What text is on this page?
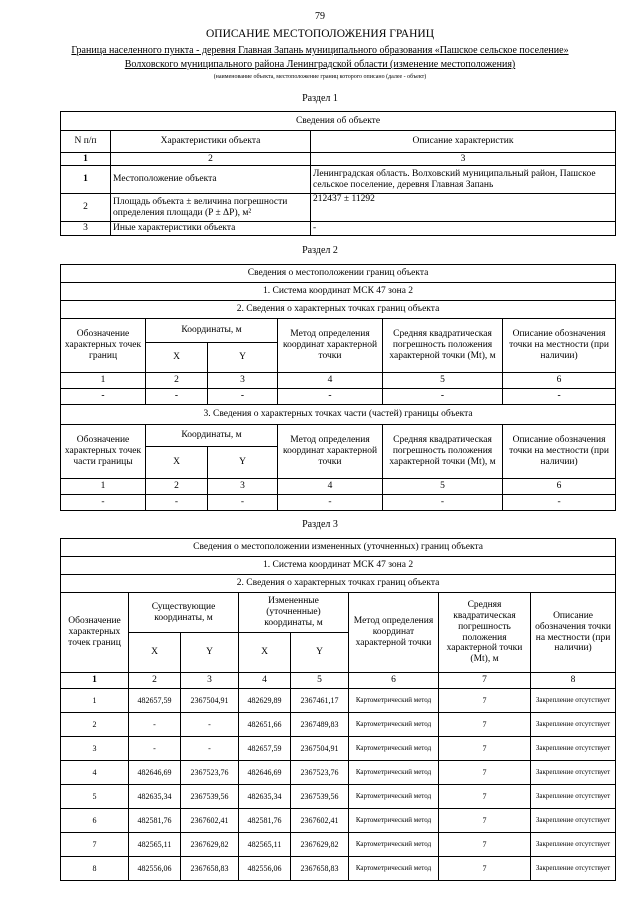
79
ОПИСАНИЕ МЕСТОПОЛОЖЕНИЯ ГРАНИЦ
Граница населенного пункта - деревня Главная Запань муниципального образования «Пашское сельское поселение»
Волховского муниципального района Ленинградской области (изменение местоположения)
(наименование объекта, местоположение границ которого описано (далее - объект)
Раздел 1
Сведения об объекте		
N п/п	Характеристики объекта	Описание характеристик
1	2	3
1	Местоположение объекта	Ленинградская область. Волховский муниципальный район, Пашское сельское поселение, деревня Главная Запань
2	Площадь объекта ± величина погрешности определения площади (P ± ΔP), м²	212437 ± 11292
3	Иные характеристики объекта	-
Раздел 2
Сведения о местоположении границ объекта					
1. Система координат МСК 47 зона 2					
2. Сведения о характерных точках границ объекта					
Обозначение характерных точек границ	Координаты, м		Метод определения координат характерной точки	Средняя квадратическая погрешность положения характерной точки (Mt), м	Описание обозначения точки на местности (при наличии)
	X	Y			
1	2	3	4	5	6
-	-	-	-	-	-
3. Сведения о характерных точках части (частей) границы объекта					
Обозначение характерных точек части границы	Координаты, м		Метод определения координат характерной точки	Средняя квадратическая погрешность положения характерной точки (Mt), м	Описание обозначения точки на местности (при наличии)
	X	Y			
1	2	3	4	5	6
-	-	-	-	-	-
Раздел 3
Сведения о местоположении измененных (уточненных) границ объекта							
1. Система координат МСК 47 зона 2							
2. Сведения о характерных точках границ объекта							
Обозначение характерных точек границ	Существующие координаты, м		Измененные (уточненные) координаты, м		Метод определения координат характерной точки	Средняя квадратическая погрешность положения характерной точки (Mt), м	Описание обозначения точки на местности (при наличии)
	X	Y	X	Y			
1	2	3	4	5	6	7	8
1	482657,59	2367504,91	482629,89	2367461,17	Картометрический метод	7	Закрепление отсутствует
2	-	-	482651,66	2367489,83	Картометрический метод	7	Закрепление отсутствует
3	-	-	482657,59	2367504,91	Картометрический метод	7	Закрепление отсутствует
4	482646,69	2367523,76	482646,69	2367523,76	Картометрический метод	7	Закрепление отсутствует
5	482635,34	2367539,56	482635,34	2367539,56	Картометрический метод	7	Закрепление отсутствует
6	482581,76	2367602,41	482581,76	2367602,41	Картометрический метод	7	Закрепление отсутствует
7	482565,11	2367629,82	482565,11	2367629,82	Картометрический метод	7	Закрепление отсутствует
8	482556,06	2367658,83	482556,06	2367658,83	Картометрический метод	7	Закрепление отсутствует
